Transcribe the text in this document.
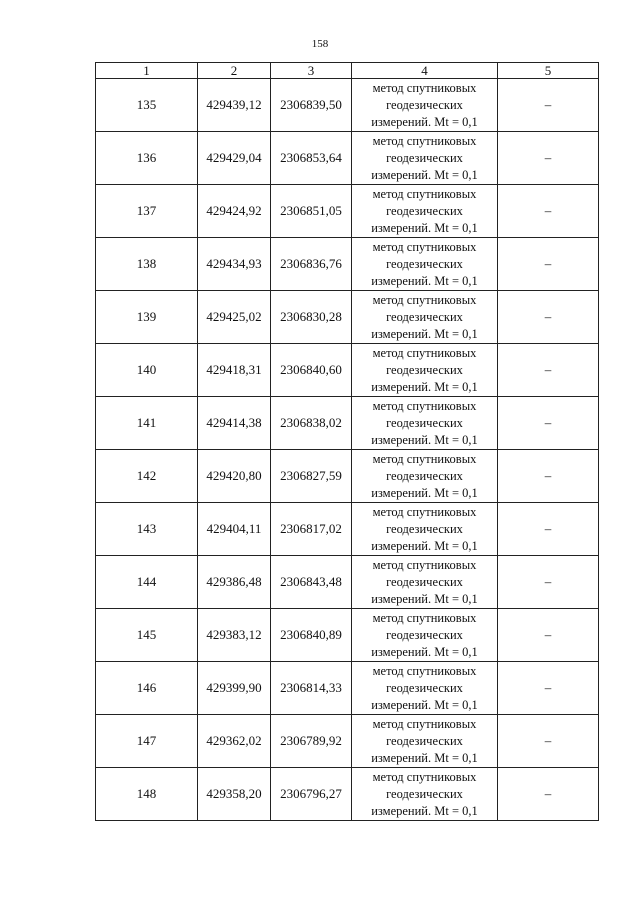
158
1	2	3	4	5
135	429439,12	2306839,50	метод спутниковых
геодезических
измерений. Mt = 0,1	–
136	429429,04	2306853,64	метод спутниковых
геодезических
измерений. Mt = 0,1	–
137	429424,92	2306851,05	метод спутниковых
геодезических
измерений. Mt = 0,1	–
138	429434,93	2306836,76	метод спутниковых
геодезических
измерений. Mt = 0,1	–
139	429425,02	2306830,28	метод спутниковых
геодезических
измерений. Mt = 0,1	–
140	429418,31	2306840,60	метод спутниковых
геодезических
измерений. Mt = 0,1	–
141	429414,38	2306838,02	метод спутниковых
геодезических
измерений. Mt = 0,1	–
142	429420,80	2306827,59	метод спутниковых
геодезических
измерений. Mt = 0,1	–
143	429404,11	2306817,02	метод спутниковых
геодезических
измерений. Mt = 0,1	–
144	429386,48	2306843,48	метод спутниковых
геодезических
измерений. Mt = 0,1	–
145	429383,12	2306840,89	метод спутниковых
геодезических
измерений. Mt = 0,1	–
146	429399,90	2306814,33	метод спутниковых
геодезических
измерений. Mt = 0,1	–
147	429362,02	2306789,92	метод спутниковых
геодезических
измерений. Mt = 0,1	–
148	429358,20	2306796,27	метод спутниковых
геодезических
измерений. Mt = 0,1	–
